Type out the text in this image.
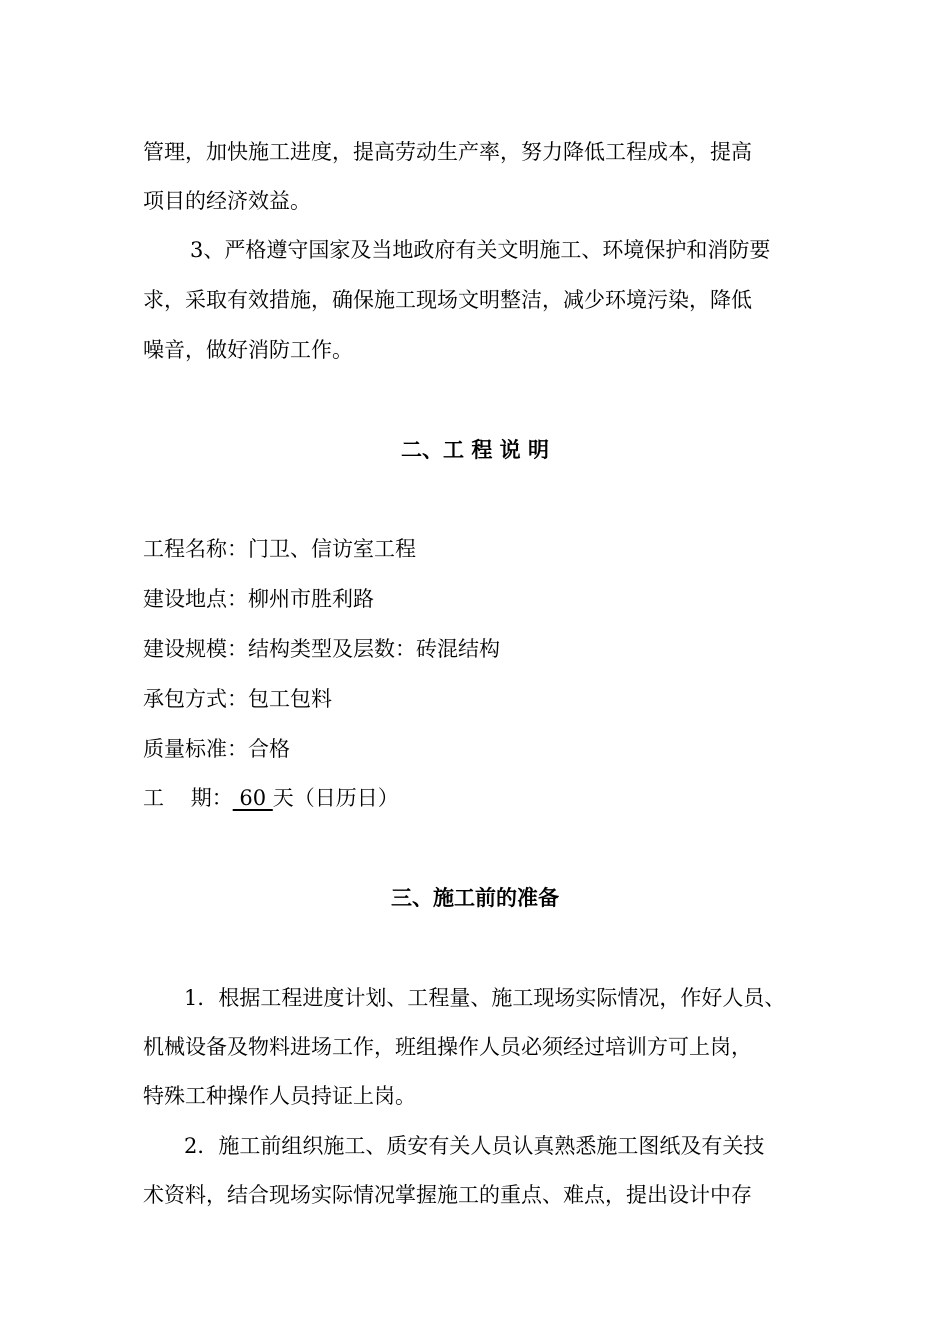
管理，加快施工进度，提高劳动生产率，努力降低工程成本，提高

项目的经济效益。

3、严格遵守国家及当地政府有关文明施工、环境保护和消防要

求，采取有效措施，确保施工现场文明整洁，减少环境污染，降低

噪音，做好消防工作。

二、工 程 说 明

工程名称：门卫、信访室工程

建设地点：柳州市胜利路

建设规模：结构类型及层数：砖混结构

承包方式：包工包料

质量标准：合格

工    期： 60 天（日历日）

三、施工前的准备

1．根据工程进度计划、工程量、施工现场实际情况，作好人员、

机械设备及物料进场工作，班组操作人员必须经过培训方可上岗，

特殊工种操作人员持证上岗。

2．施工前组织施工、质安有关人员认真熟悉施工图纸及有关技

术资料，结合现场实际情况掌握施工的重点、难点，提出设计中存
